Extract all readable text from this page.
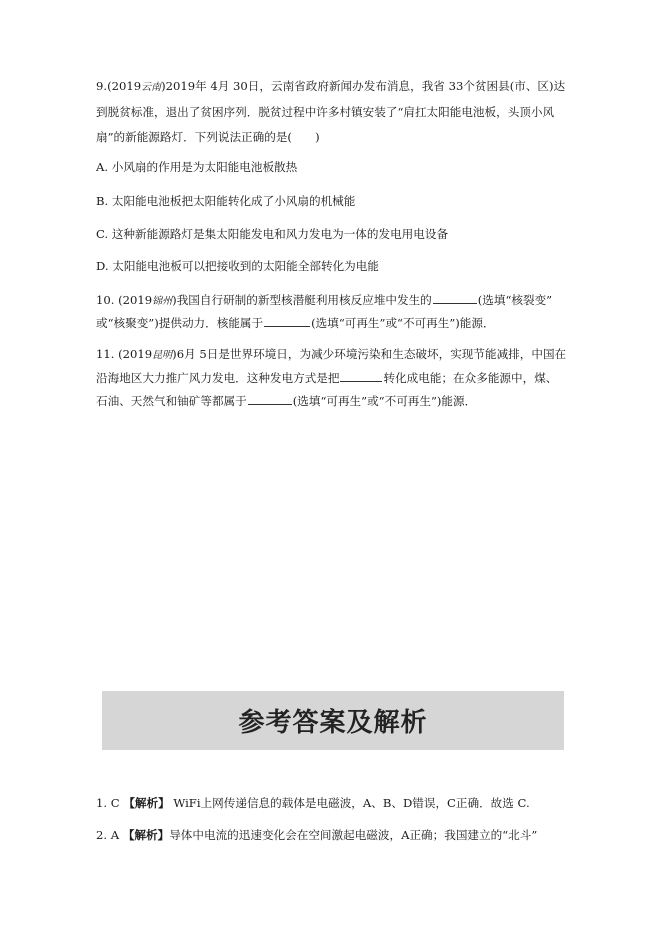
9.(2019云南)2019年 4月 30日，云南省政府新闻办发布消息，我省 33个贫困县(市、区)达
到脱贫标准，退出了贫困序列．脱贫过程中许多村镇安装了“肩扛太阳能电池板，头顶小风
扇”的新能源路灯．下列说法正确的是(　　)
A. 小风扇的作用是为太阳能电池板散热
B. 太阳能电池板把太阳能转化成了小风扇的机械能
C. 这种新能源路灯是集太阳能发电和风力发电为一体的发电用电设备
D. 太阳能电池板可以把接收到的太阳能全部转化为电能
10. (2019锦州)我国自行研制的新型核潜艇利用核反应堆中发生的	(选填“核裂变”
或“核聚变”)提供动力．核能属于	(选填“可再生”或“不可再生”)能源．
11. (2019昆明)6月 5日是世界环境日，为减少环境污染和生态破坏，实现节能减排，中国在
沿海地区大力推广风力发电．这种发电方式是把	转化成电能；在众多能源中，煤、
石油、天然气和铀矿等都属于	(选填“可再生”或“不可再生”)能源．
参考答案及解析
1. C 【解析】 WiFi上网传递信息的载体是电磁波，A、B、D错误，C正确．故选 C.
2. A 【解析】导体中电流的迅速变化会在空间激起电磁波，A正确；我国建立的“北斗”
